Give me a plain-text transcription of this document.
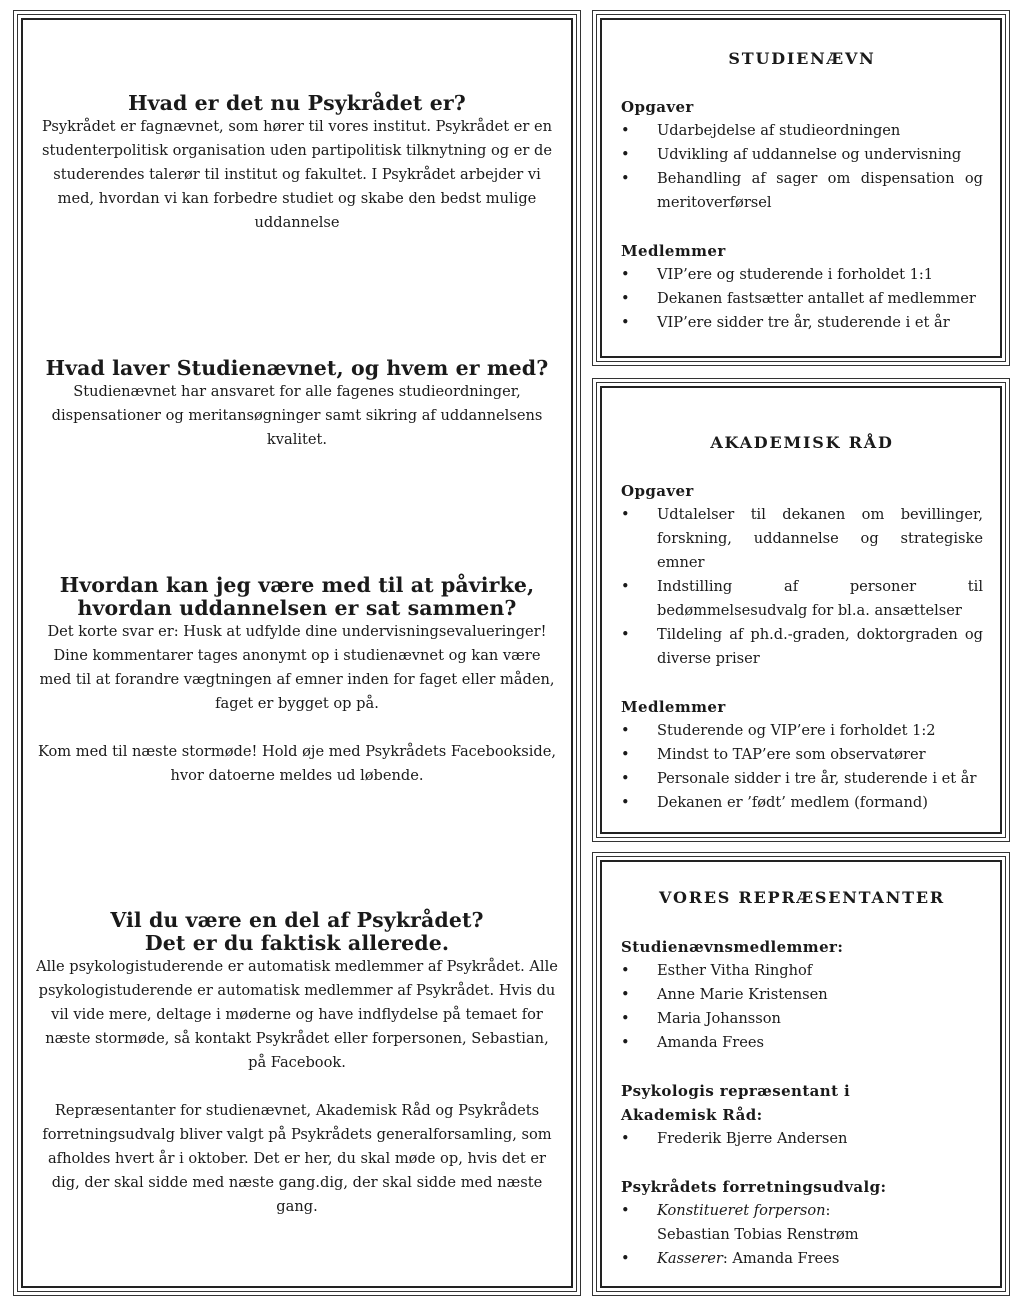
Hvad er det nu Psykrådet er?

Psykrådet er fagnævnet, som hører til vores institut. Psykrådet er en studenterpolitisk organisation uden partipolitisk tilknytning og er de studerendes talerør til institut og fakultet. I Psykrådet arbejder vi med, hvordan vi kan forbedre studiet og skabe den bedst mulige uddannelse

Hvad laver Studienævnet, og hvem er med?

Studienævnet har ansvaret for alle fagenes studieordninger, dispensationer og meritansøgninger samt sikring af uddannelsens kvalitet.

Hvordan kan jeg være med til at påvirke,
hvordan uddannelsen er sat sammen?

Det korte svar er: Husk at udfylde dine undervisningsevalueringer! Dine kommentarer tages anonymt op i studienævnet og kan være med til at forandre vægtningen af emner inden for faget eller måden, faget er bygget op på.

Kom med til næste stormøde! Hold øje med Psykrådets Facebookside, hvor datoerne meldes ud løbende.

Vil du være en del af Psykrådet?
Det er du faktisk allerede.

Alle psykologistuderende er automatisk medlemmer af Psykrådet. Alle psykologistuderende er automatisk medlemmer af Psykrådet. Hvis du vil vide mere, deltage i møderne og have indflydelse på temaet for næste stormøde, så kontakt Psykrådet eller forpersonen, Sebastian, på Facebook.

Repræsentanter for studienævnet, Akademisk Råd og Psykrådets forretningsudvalg bliver valgt på Psykrådets generalforsamling, som afholdes hvert år i oktober. Det er her, du skal møde op, hvis det er dig, der skal sidde med næste gang.dig, der skal sidde med næste gang.

STUDIENÆVN
Opgaver
• Udarbejdelse af studieordningen
• Udvikling af uddannelse og undervisning
• Behandling af sager om dispensation og meritoverførsel
Medlemmer
• VIP’ere og studerende i forholdet 1:1
• Dekanen fastsætter antallet af medlemmer
• VIP’ere sidder tre år, studerende i et år
AKADEMISK RÅD
Opgaver
• Udtalelser til dekanen om bevillinger, forskning, uddannelse og strategiske emner
• Indstilling af personer til bedømmelsesudvalg for bl.a. ansættelser
• Tildeling af ph.d.-graden, doktorgraden og diverse priser
Medlemmer
• Studerende og VIP’ere i forholdet 1:2
• Mindst to TAP’ere som observatører
• Personale sidder i tre år, studerende i et år
• Dekanen er ’født’ medlem (formand)
VORES REPRÆSENTANTER
Studienævnsmedlemmer:
• Esther Vitha Ringhof
• Anne Marie Kristensen
• Maria Johansson
• Amanda Frees
Psykologis repræsentant i
Akademisk Råd:
• Frederik Bjerre Andersen
Psykrådets forretningsudvalg:
• Konstitueret forperson:
Sebastian Tobias Renstrøm
• Kasserer: Amanda Frees
